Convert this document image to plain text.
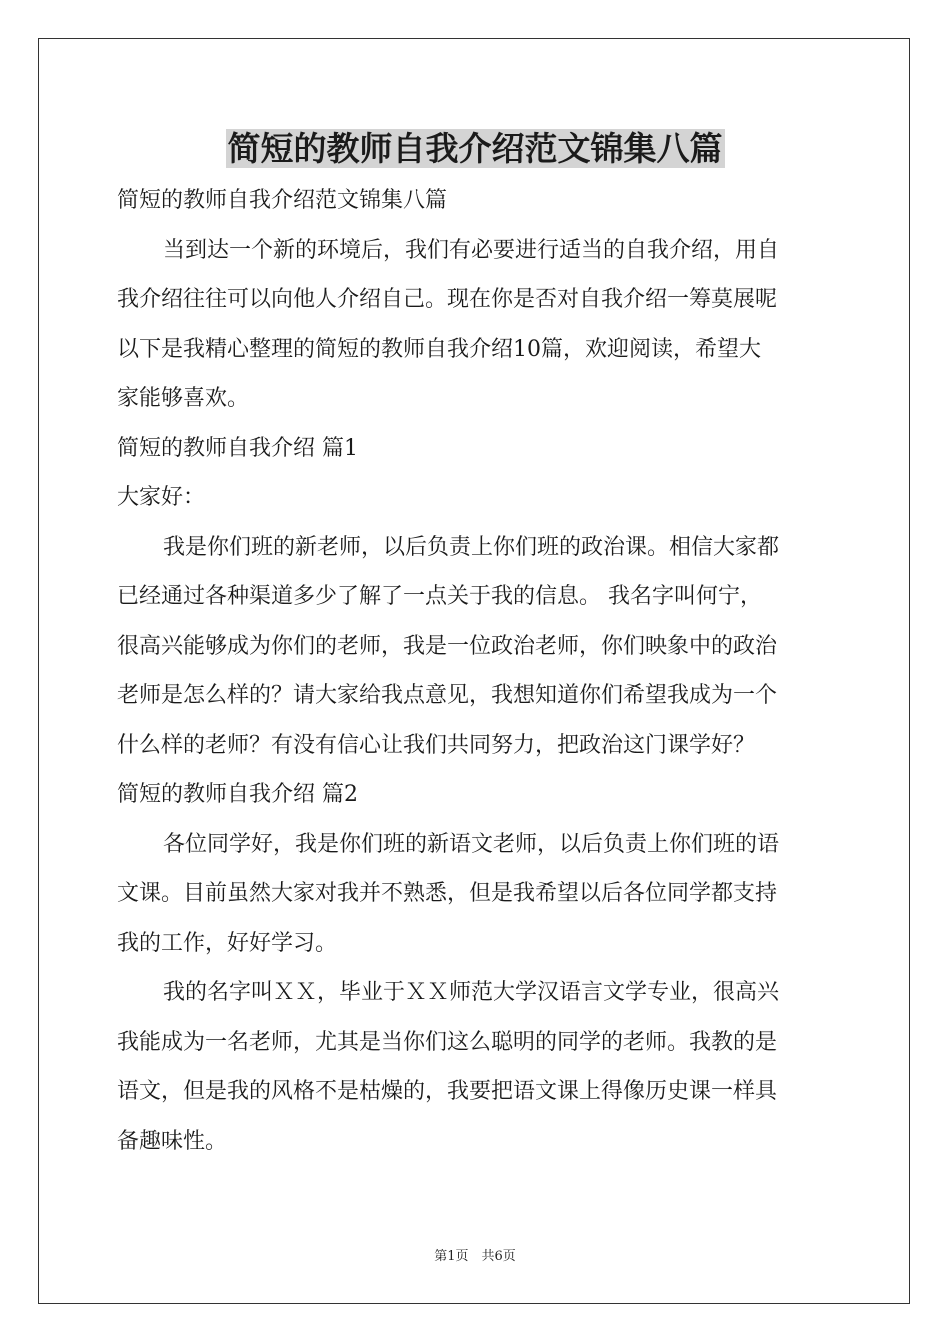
简短的教师自我介绍范文锦集八篇

简短的教师自我介绍范文锦集八篇

当到达一个新的环境后，我们有必要进行适当的自我介绍，用自

我介绍往往可以向他人介绍自己。现在你是否对自我介绍一筹莫展呢

以下是我精心整理的简短的教师自我介绍10篇，欢迎阅读，希望大

家能够喜欢。

简短的教师自我介绍 篇1

大家好：

我是你们班的新老师，以后负责上你们班的政治课。相信大家都

已经通过各种渠道多少了解了一点关于我的信息。 我名字叫何宁，

很高兴能够成为你们的老师，我是一位政治老师，你们映象中的政治

老师是怎么样的？请大家给我点意见，我想知道你们希望我成为一个

什么样的老师？有没有信心让我们共同努力，把政治这门课学好？

简短的教师自我介绍 篇2

各位同学好，我是你们班的新语文老师，以后负责上你们班的语

文课。目前虽然大家对我并不熟悉，但是我希望以后各位同学都支持

我的工作，好好学习。

我的名字叫ＸＸ，毕业于ＸＸ师范大学汉语言文学专业，很高兴

我能成为一名老师，尤其是当你们这么聪明的同学的老师。我教的是

语文，但是我的风格不是枯燥的，我要把语文课上得像历史课一样具

备趣味性。

第1页　共6页
